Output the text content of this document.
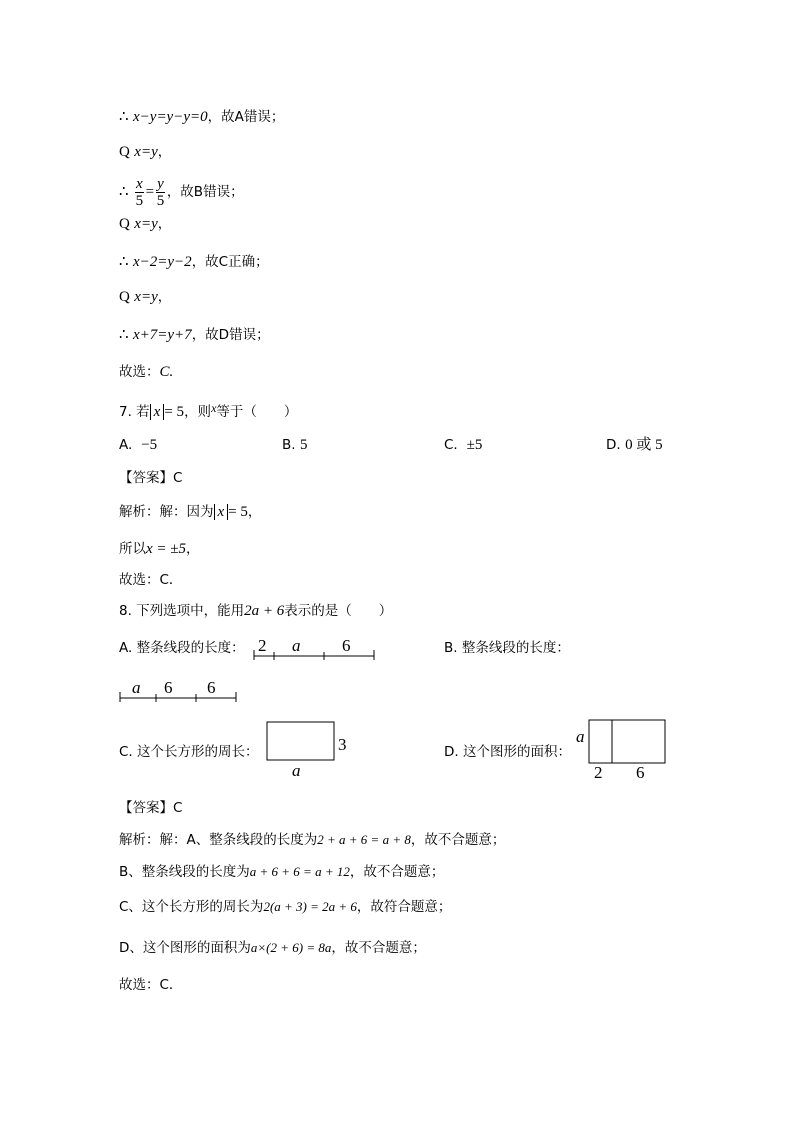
∴ x−y=y−y=0，故A错误；
Q x=y，
∴ $\frac{x}{5} = \frac{y}{5}$ ，故B错误；
Q x=y，
∴ x−2=y−2，故C正确；
Q x=y，
∴ x+7=y+7，故D错误；
故选：C.
7. 若 x = 5，则x等于（　　）
A. −5	B. 5	C. ±5	D. 0 或 5
【答案】C
解析：解：因为 x = 5，
所以x = ±5，
故选：C．
8. 下列选项中，能用2a + 6表示的是（　　）
A. 整条线段的长度： 2 a 6	B. 整条线段的长度：
a 6 6
C. 这个长方形的周长：	3
a
D. 这个图形的面积：
a
2 6
【答案】C
解析：解：A、整条线段的长度为2 + a + 6 = a + 8，故不合题意；
B、整条线段的长度为a + 6 + 6 = a + 12，故不合题意；
C、这个长方形的周长为2(a + 3) = 2a + 6，故符合题意；
D、这个图形的面积为a×(2 + 6) = 8a，故不合题意；
故选：C．
